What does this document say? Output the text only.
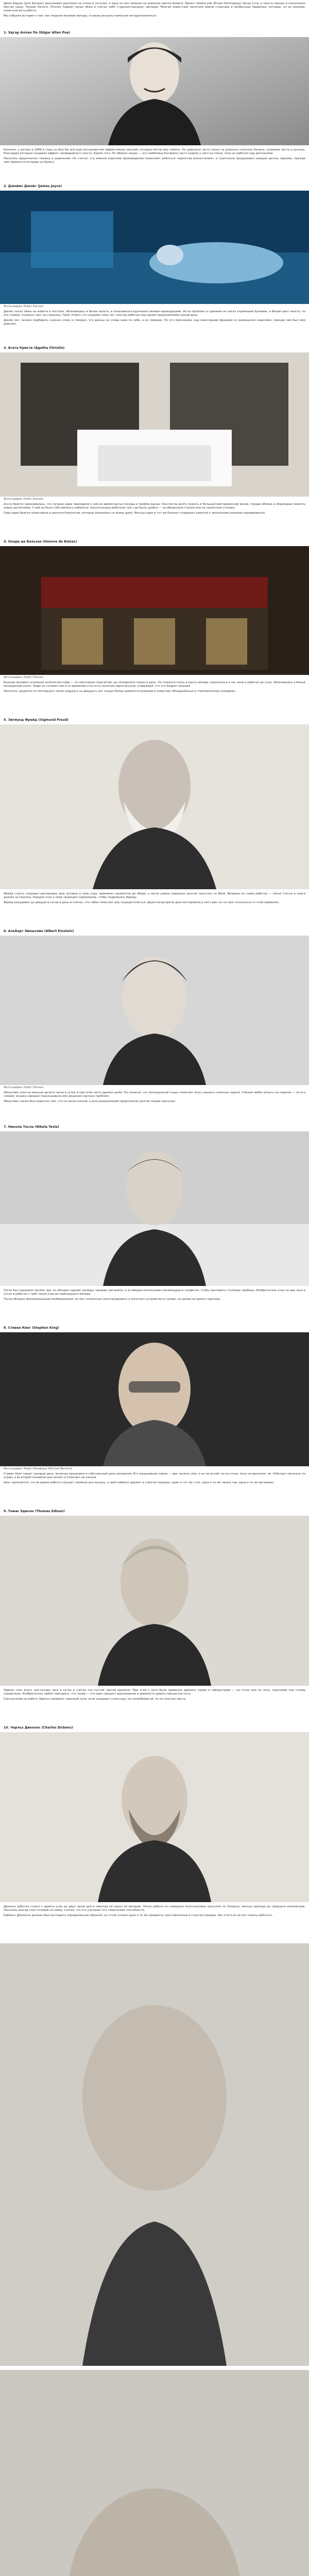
Джек Керуак (Jack Kerouac) расклеивал рукописи на стены и потолок, а одну из них написал на длинном свитке бумаги. Эрнест Хемингуэй (Ernest Hemingway) писал стоя, а тексты хранил в нескольких местах сразу. Труман Капоте (Truman Capote) писал лёжа и считал себя «горизонтальным» автором. Многие известные писатели имели странные и необычные привычки, которые, по их мнению, помогали им в работе.

Мы собрали истории о том, как творили великие авторы, и какие ритуалы помогали им вдохновляться.

1. Эдгар Аллан По (Edgar Allan Poe)

Конечно, у автора в 1849 в годы он был бы всё ещё инструментом эффективных мыслей, которые могли ему помочь. Он довольно часто писал на длинных полосках бумаги, склеивая листы в рулоны, благодаря которым создавал эффект непрерывного текста. Кроме того, По обожал кошек — его любимица Катарина часто сидела у него на плече, пока он работал над рассказами.

Писатель предпочитал тишину и уединение. Он считал, что именно короткие произведения позволяют добиться «единства впечатления», и тщательно продумывал каждую деталь заранее, прежде чем перенести историю на бумагу.

2. Джеймс Джойс (James Joyce)
Фотография: Public Domain

Джойс писал лёжа на животе в постели, облачившись в белое пальто, и пользовался крупными синими карандашами. Из-за проблем со зрением он писал огромными буквами, а белый цвет пальто, по его словам, отражал свет на страницу. Свой «Улисс» он создавал семь лет, иногда работая над одним предложением целый день.

Джойс мог часами подбирать нужное слово и говорил, что важны не слова сами по себе, а их порядок. По его признанию, над некоторыми фразами он размышлял неделями, прежде чем был ими доволен.

3. Агата Кристи (Agatha Christie)
Фотография: Public Domain

Агата Кристи признавалась, что лучшие идеи приходили к ней во время мытья посуды и приёма ванны. Она могла долго лежать в большой викторианской ванне, поедая яблоки и обдумывая сюжеты новых детективов. У неё не было собственного кабинета: писательница работала там, где было удобно — за обеденным столом или на туалетном столике.

Свои идеи Кристи записывала в десятки блокнотов, которые хранились по всему дому. Иногда один и тот же блокнот содержал заметки к нескольким романам одновременно.

4. Оноре де Бальзак (Honore de Balzac)
Фотография: Public Domain

Бальзак выпивал огромное количество кофе — по некоторым подсчётам, до пятидесяти чашек в день. Он ложился спать в шесть вечера, просыпался в час ночи и работал до утра, облачившись в белый монашеский халат. Кофе он готовил сам и со временем стал есть молотые зёрна всухую, утверждая, что это бодрит сильнее.

Писатель трудился по пятнадцать часов подряд и за двадцать лет создал более девяноста романов и повестей, объединённых в «Человеческую комедию».

5. Зигмунд Фрейд (Sigmund Freud)

Фрейд строго следовал распорядку дня: вставал в семь утра, принимал пациентов до обеда, а после ужина совершал долгую прогулку по Вене. Вечером он снова работал — писал статьи и книги далеко за полночь. Каждое утро к нему приходил парикмахер, чтобы подровнять бороду.

Фрейд выкуривал до двадцати сигар в день и считал, что табак помогает ему сосредоточиться. Даже когда врачи диагностировали у него рак, он не смог отказаться от этой привычки.

6. Альберт Эйнштейн (Albert Einstein)
Фотография: Public Domain

Эйнштейн спал не меньше десяти часов в сутки и при этом часто дремал днём. Он полагал, что полноценный отдых помогает мозгу решать сложные задачи. Учёный любил играть на скрипке — по его словам, музыка нередко подсказывала ему решения научных проблем.

Эйнштейн также был известен тем, что не носил носков, а для размышлений предпочитал долгие пешие прогулки.

7. Никола Тесла (Nikola Tesla)

Тесла был одержим числом три: он обходил здание трижды, прежде чем войти, а за обедом использовал восемнадцать салфеток, чтобы протереть столовые приборы. Изобретатель спал по два часа в сутки и работал с трёх часов утра до одиннадцати вечера.

Тесла обладал феноменальным воображением: он мог полностью сконструировать и испытать устройство в голове, не делая ни одного чертежа.

8. Стивен Кинг (Stephen King)
Фотография: Майкл Бэнфорд (Michael Benford)

Стивен Кинг пишет каждый день, включая праздники и собственный день рождения. Его ежедневная норма — две тысячи слов, и он не встаёт из-за стола, пока не выполнит её. Работает писатель по утрам, а во второй половине дня читает и отвечает на письма.

Кинг признаётся, что во время работы слушает громкую рок-музыку, а свой кабинет держит в строгом порядке: один и тот же стол, одна и та же чашка чая, одни и те же витамины.

9. Томас Эдисон (Thomas Edison)

Эдисон спал всего три-четыре часа в сутки и считал сон пустой тратой времени. При этом у него была привычка дремать прямо в лаборатории — на столе или на полу, подложив под голову справочник. Изобретатель любил повторять, что гений — это один процент вдохновения и девяносто девять процентов пота.

Соискателей на работу Эдисон проверял тарелкой супа: если кандидат солил еду, не попробовав её, он не получал места.

10. Чарльз Диккенс (Charles Dickens)

Диккенс работал строго с девяти утра до двух часов дня и никогда не писал по вечерам. После работы он совершал многочасовые прогулки по Лондону, иногда проходя до тридцати километров. Писатель всегда спал головой на север, считая, что это улучшает его творческие способности.

Кабинет Диккенса должен был выглядеть определённым образом: на столе стояли одни и те же предметы, расставленные в строгом порядке. Без этого он не мог начать работать.
